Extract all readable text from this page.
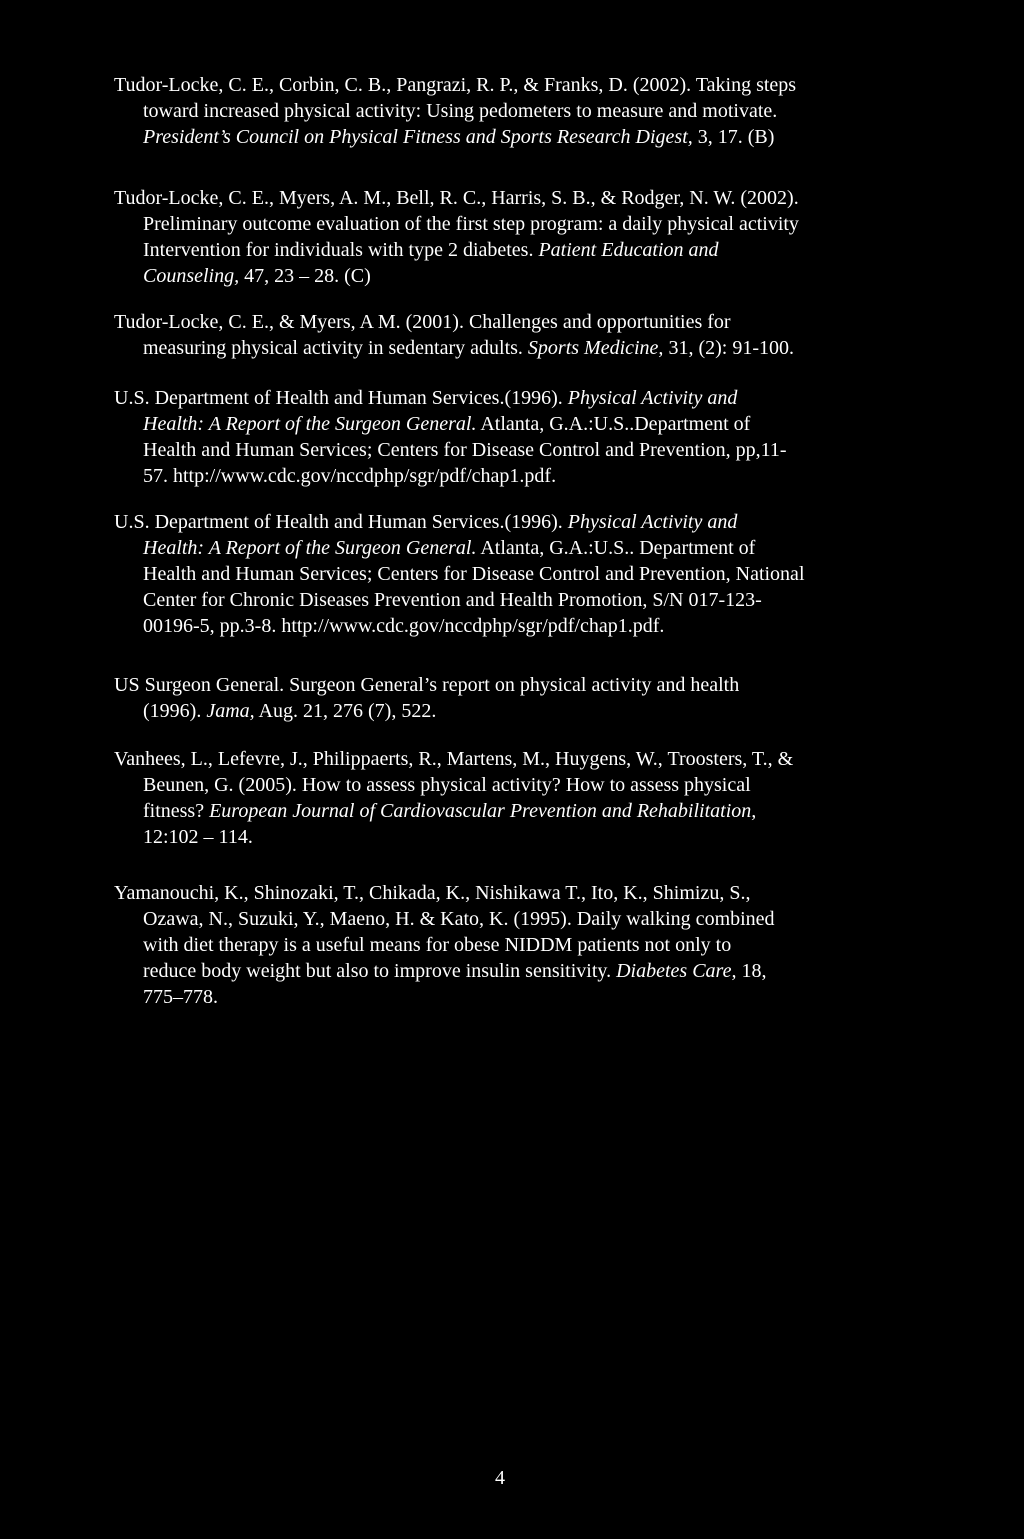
Tudor-Locke, C. E., Corbin, C. B., Pangrazi, R. P., & Franks, D. (2002). Taking steps
toward increased physical activity: Using pedometers to measure and motivate.
President’s Council on Physical Fitness and Sports Research Digest, 3, 17. (B)
Tudor-Locke, C. E., Myers, A. M., Bell, R. C., Harris, S. B., & Rodger, N. W. (2002).
Preliminary outcome evaluation of the first step program: a daily physical activity
Intervention for individuals with type 2 diabetes. Patient Education and
Counseling, 47, 23 – 28. (C)
Tudor-Locke, C. E., & Myers, A M. (2001). Challenges and opportunities for
measuring physical activity in sedentary adults. Sports Medicine, 31, (2): 91-100.
U.S. Department of Health and Human Services.(1996). Physical Activity and
Health: A Report of the Surgeon General. Atlanta, G.A.:U.S..Department of
Health and Human Services; Centers for Disease Control and Prevention, pp,11-
57. http://www.cdc.gov/nccdphp/sgr/pdf/chap1.pdf.
U.S. Department of Health and Human Services.(1996). Physical Activity and
Health: A Report of the Surgeon General. Atlanta, G.A.:U.S.. Department of
Health and Human Services; Centers for Disease Control and Prevention, National
Center for Chronic Diseases Prevention and Health Promotion, S/N 017-123-
00196-5, pp.3-8. http://www.cdc.gov/nccdphp/sgr/pdf/chap1.pdf.
US Surgeon General. Surgeon General’s report on physical activity and health
(1996). Jama, Aug. 21, 276 (7), 522.
Vanhees, L., Lefevre, J., Philippaerts, R., Martens, M., Huygens, W., Troosters, T., &
Beunen, G. (2005). How to assess physical activity? How to assess physical
fitness? European Journal of Cardiovascular Prevention and Rehabilitation,
12:102 – 114.
Yamanouchi, K., Shinozaki, T., Chikada, K., Nishikawa T., Ito, K., Shimizu, S.,
Ozawa, N., Suzuki, Y., Maeno, H. & Kato, K. (1995). Daily walking combined
with diet therapy is a useful means for obese NIDDM patients not only to
reduce body weight but also to improve insulin sensitivity. Diabetes Care, 18,
775–778.
4
